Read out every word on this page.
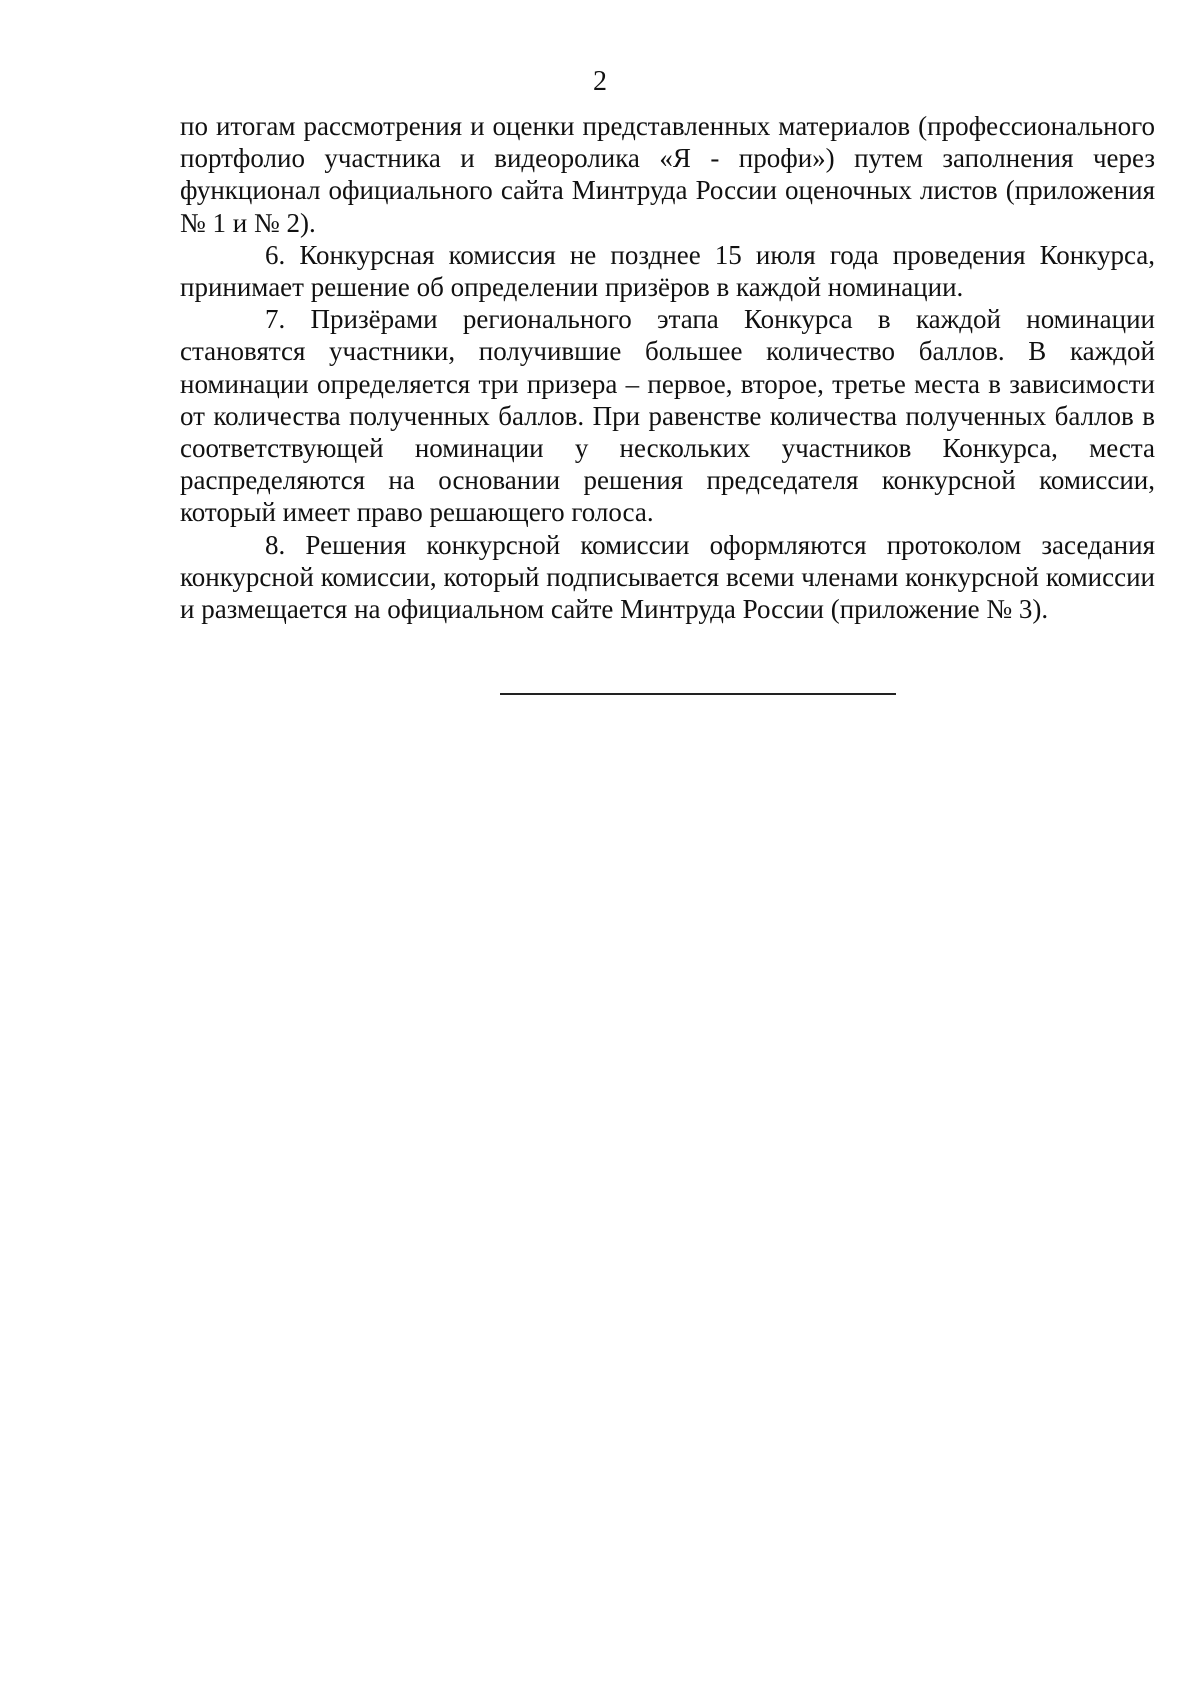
2

по итогам рассмотрения и оценки представленных материалов (профессионального портфолио участника и видеоролика «Я - профи») путем заполнения через функционал официального сайта Минтруда России оценочных листов (приложения № 1 и № 2).

6. Конкурсная комиссия не позднее 15 июля года проведения Конкурса, принимает решение об определении призёров в каждой номинации.

7. Призёрами регионального этапа Конкурса в каждой номинации становятся участники, получившие большее количество баллов. В каждой номинации определяется три призера – первое, второе, третье места в зависимости от количества полученных баллов. При равенстве количества полученных баллов в соответствующей номинации у нескольких участников Конкурса, места распределяются на основании решения председателя конкурсной комиссии, который имеет право решающего голоса.

8. Решения конкурсной комиссии оформляются протоколом заседания конкурсной комиссии, который подписывается всеми членами конкурсной комиссии и размещается на официальном сайте Минтруда России (приложение № 3).
